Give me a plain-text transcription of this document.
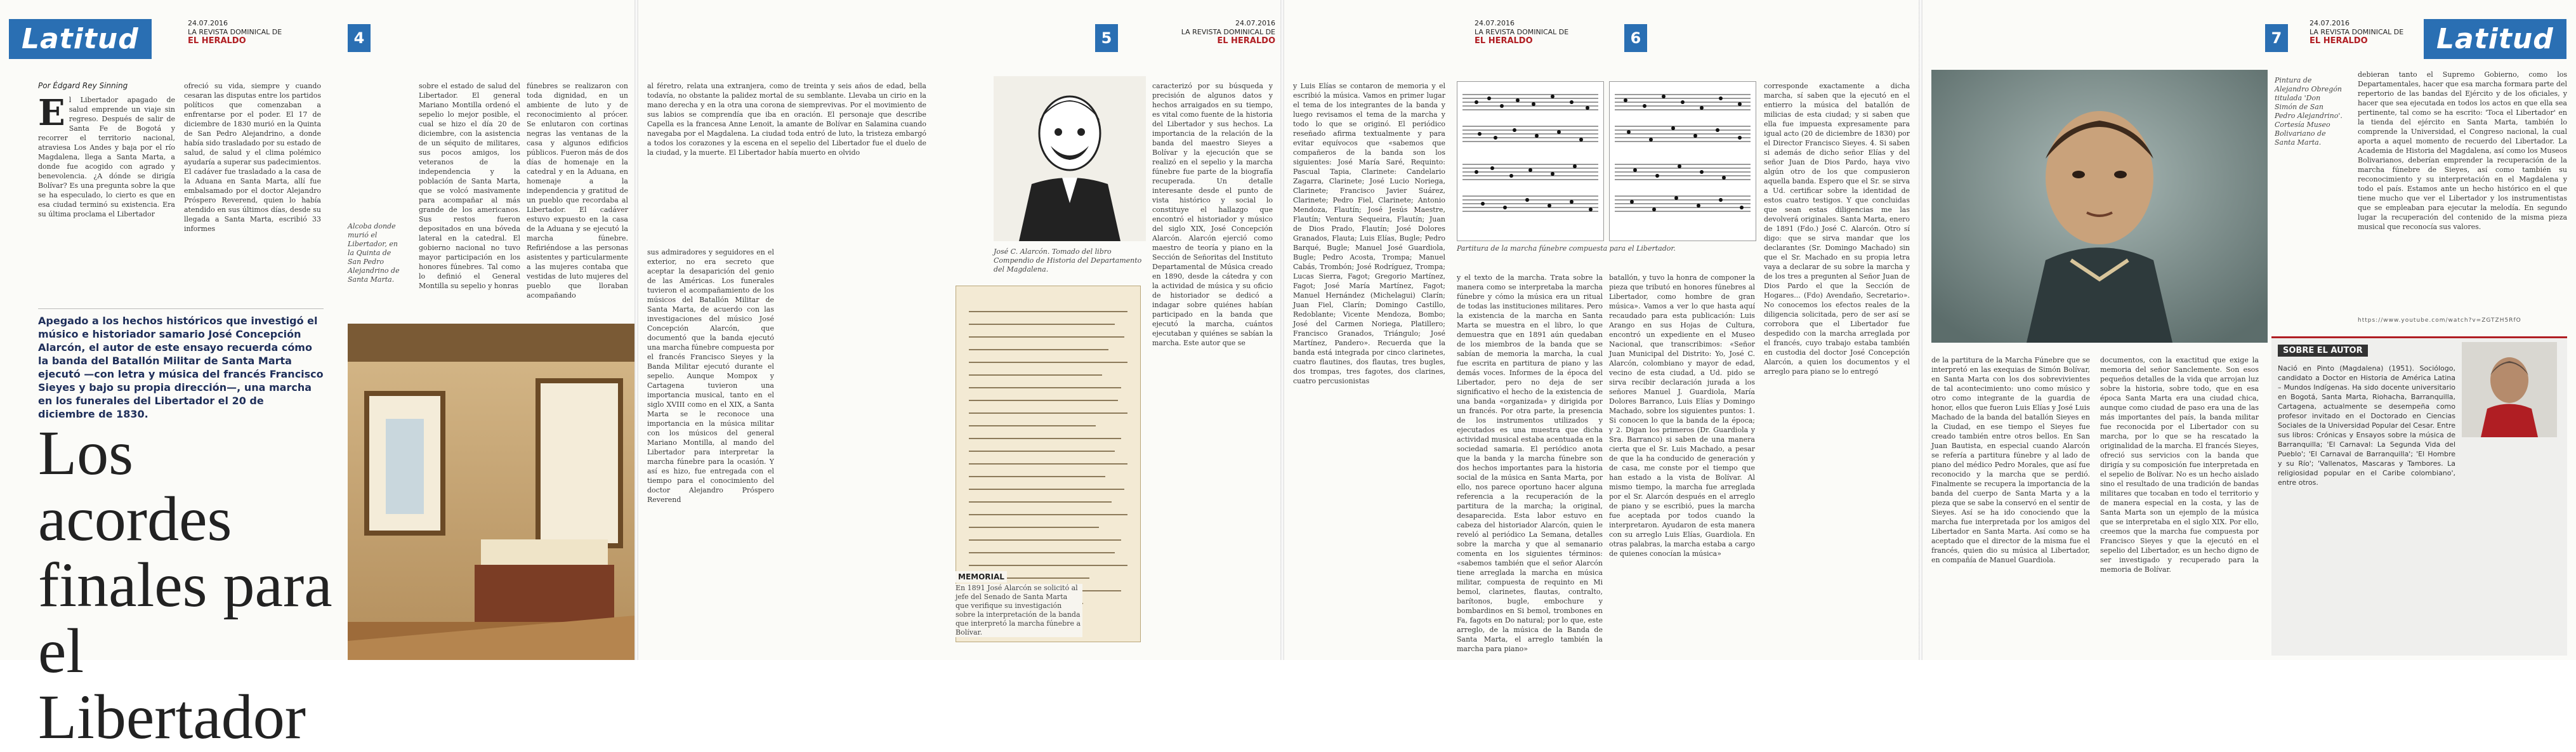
Latitud	24.07.2016
LA REVISTA DOMINICAL DE
EL HERALDO	4
Por Édgard Rey Sinning
El Libertador apagado de salud emprende un viaje sin regreso. Después de salir de Santa Fe de Bogotá y recorrer el territorio nacional, atraviesa Los Andes y baja por el río Magdalena, llega a Santa Marta, a donde fue acogido con agrado y benevolencia. ¿A dónde se dirigía Bolívar? Es una pregunta sobre la que se ha especulado, lo cierto es que en esa ciudad terminó su existencia. Era su última proclama el Libertador
ofreció su vida, siempre y cuando cesaran las disputas entre los partidos políticos que comenzaban a enfrentarse por el poder. El 17 de diciembre de 1830 murió en la Quinta de San Pedro Alejandrino, a donde había sido trasladado por su estado de salud, de salud y el clima polémico ayudaría a superar sus padecimientos. El cadáver fue trasladado a la casa de la Aduana en Santa Marta, allí fue embalsamado por el doctor Alejandro Próspero Reverend, quien lo había atendido en sus últimos días, desde su llegada a Santa Marta, escribió 33 informes	Alcoba donde murió el Libertador, en la Quinta de San Pedro Alejandrino de Santa Marta.
sobre el estado de salud del Libertador. El general Mariano Montilla ordenó el sepelio lo mejor posible, el cual se hizo el día 20 de diciembre, con la asistencia de un séquito de militares, sus pocos amigos, los veteranos de la independencia y la población de Santa Marta, que se volcó masivamente para acompañar al más grande de los americanos. Sus restos fueron depositados en una bóveda lateral en la catedral. El gobierno nacional no tuvo mayor participación en los honores fúnebres. Tal como lo definió el General Montilla su sepelio y honras
fúnebres se realizaron con toda dignidad, en un ambiente de luto y de reconocimiento al prócer. Se enlutaron con cortinas negras las ventanas de la casa y algunos edificios públicos. Fueron más de dos días de homenaje en la catedral y en la Aduana, en homenaje a la independencia y gratitud de un pueblo que recordaba al Libertador. El cadáver estuvo expuesto en la casa de la Aduana y se ejecutó la marcha fúnebre. Refiriéndose a las personas asistentes y particularmente a las mujeres contaba que vestidas de luto mujeres del pueblo que lloraban acompañando
Apegado a los hechos históricos que investigó el músico e historiador samario José Concepción Alarcón, el autor de este ensayo recuerda cómo la banda del Batallón Militar de Santa Marta ejecutó —con letra y música del francés Francisco Sieyes y bajo su propia dirección—, una marcha en los funerales del Libertador el 20 de diciembre de 1830.
Los acordes finales para el Libertador
5
24.07.2016
LA REVISTA DOMINICAL DE
EL HERALDO
al féretro, relata una extranjera, como de treinta y seis años de edad, bella todavía, no obstante la palidez mortal de su semblante. Llevaba un cirio en la mano derecha y en la otra una corona de siemprevivas. Por el movimiento de sus labios se comprendía que iba en oración. El personaje que describe Capella es la francesa Anne Lenoit, la amante de Bolívar en Salamina cuando navegaba por el Magdalena. La ciudad toda entró de luto, la tristeza embargó a todos los corazones y la escena en el sepelio del Libertador fue el duelo de la ciudad, y la muerte. El Libertador había muerto en olvido
sus admiradores y seguidores en el exterior, no era secreto que aceptar la desaparición del genio de las Américas. Los funerales tuvieron el acompañamiento de los músicos del Batallón Militar de Santa Marta, de acuerdo con las investigaciones del músico José Concepción Alarcón, que documentó que la banda ejecutó una marcha fúnebre compuesta por el francés Francisco Sieyes y la Banda Militar ejecutó durante el sepelio. Aunque Mompox y Cartagena tuvieron una importancia musical, tanto en el siglo XVIII como en el XIX, a Santa Marta se le reconoce una importancia en la música militar con los músicos del general Mariano Montilla, al mando del Libertador para interpretar la marcha fúnebre para la ocasión. Y así es hizo, fue entregada con el tiempo para el conocimiento del doctor Alejandro Próspero Reverend
José C. Alarcón. Tomado del libro Compendio de Historia del Departamento del Magdalena.
MEMORIAL
En 1891 José Alarcón se solicitó al jefe del Senado de Santa Marta que verifique su investigación sobre la interpretación de la banda que interpretó la marcha fúnebre a Bolívar.
caracterizó por su búsqueda y precisión de algunos datos y hechos arraigados en su tiempo, es vital como fuente de la historia del Libertador y sus hechos. La importancia de la relación de la banda del maestro Sieyes a Bolívar y la ejecución que se realizó en el sepelio y la marcha fúnebre fue parte de la biografía recuperada. Un detalle interesante desde el punto de vista histórico y social lo constituye el hallazgo que encontró el historiador y músico del siglo XIX, José Concepción Alarcón. Alarcón ejerció como maestro de teoría y piano en la Sección de Señoritas del Instituto Departamental de Música creado en 1890, desde la cátedra y con la actividad de música y su oficio de historiador se dedicó a indagar sobre quiénes habían participado en la banda que ejecutó la marcha, cuántos ejecutaban y quiénes se sabían la marcha. Este autor que se
24.07.2016
LA REVISTA DOMINICAL DE
EL HERALDO	6
y Luis Elías se contaron de memoria y el escribió la música. Vamos en primer lugar el tema de los integrantes de la banda y luego revisamos el tema de la marcha y todo lo que se originó. El periódico reseñado afirma textualmente y para evitar equívocos que «sabemos que compañeros de la banda son los siguientes: José María Saré, Requinto: Pascual Tapia, Clarinete: Candelario Zagarra, Clarinete; José Lucio Noriega, Clarinete; Francisco Javier Suárez, Clarinete; Pedro Fiel, Clarinete; Antonio Mendoza, Flautín; José Jesús Maestre, Flautín; Ventura Sequeira, Flautín; Juan de Dios Prado, Flautín; José Dolores Granados, Flauta; Luis Elías, Bugle; Pedro Barqué, Bugle; Manuel José Guardiola, Bugle; Pedro Acosta, Trompa; Manuel Cabás, Trombón; José Rodríguez, Trompa; Lucas Sierra, Fagot; Gregorio Martínez, Fagot; José María Martínez, Fagot; Manuel Hernández (Michelagui) Clarín; Juan Fiel, Clarín; Domingo Castillo, Redoblante; Vicente Mendoza, Bombo; José del Carmen Noriega, Platillero; Francisco Granados, Triángulo; José Martínez, Pandero». Recuerda que la banda está integrada por cinco clarinetes, cuatro flautines, dos flautas, tres bugles, dos trompas, tres fagotes, dos clarines, cuatro percusionistas
Partitura de la marcha fúnebre compuesta para el Libertador.
y el texto de la marcha. Trata sobre la manera como se interpretaba la marcha fúnebre y cómo la música era un ritual de todas las instituciones militares. Pero la existencia de la marcha en Santa Marta se muestra en el libro, lo que demuestra que en 1891 aún quedaban de los miembros de la banda que se sabían de memoria la marcha, la cual fue escrita en partitura de piano y las demás voces. Informes de la época del Libertador, pero no deja de ser significativo el hecho de la existencia de una banda «organizada» y dirigida por un francés. Por otra parte, la presencia de los instrumentos utilizados y ejecutados es una muestra que dicha actividad musical estaba acentuada en la sociedad samaria. El periódico anota que la banda y la marcha fúnebre son dos hechos importantes para la historia social de la música en Santa Marta, por ello, nos parece oportuno hacer alguna referencia a la recuperación de la partitura de la marcha; la original, desaparecida. Esta labor estuvo en cabeza del historiador Alarcón, quien le reveló al periódico La Semana, detalles sobre la marcha y que al semanario comenta en los siguientes términos: «sabemos también que el señor Alarcón tiene arreglada la marcha en música militar, compuesta de requinto en Mi bemol, clarinetes, flautas, contralto, barítonos, bugle, embochure y bombardinos en Si bemol, trombones en Fa, fagots en Do natural; por lo que, este arreglo, de la música de la Banda de Santa Marta, el arreglo también la marcha para piano»
batallón, y tuvo la honra de componer la pieza que tributó en honores fúnebres al Libertador, como hombre de gran música». Vamos a ver lo que hasta aquí recaudado para esta publicación: Luis Arango en sus Hojas de Cultura, encontró un expediente en el Museo Nacional, que transcribimos: «Señor Juan Municipal del Distrito: Yo, José C. Alarcón, colombiano y mayor de edad, vecino de esta ciudad, a Ud. pido se sirva recibir declaración jurada a los señores Manuel J. Guardiola, María Dolores Barranco, Luis Elías y Domingo Machado, sobre los siguientes puntos: 1. Si conocen lo que la banda de la época; y 2. Digan los primeros (Dr. Guardiola y Sra. Barranco) si saben de una manera cierta que el Sr. Luis Machado, a pesar de que la ha conducido de generación y de casa, me conste por el tiempo que han estado a la vista de Bolívar. Al mismo tiempo, la marcha fue arreglada por el Sr. Alarcón después en el arreglo de piano y se escribió, pues la marcha fue aceptada por todos cuando la interpretaron. Ayudaron de esta manera con su arreglo Luis Elías, Guardiola. En otras palabras, la marcha estaba a cargo de quienes conocían la música»
corresponde exactamente a dicha marcha, sí saben que la ejecutó en el entierro la música del batallón de milicias de esta ciudad; y si saben que ella fue impuesta expresamente para igual acto (20 de diciembre de 1830) por el Director Francisco Sieyes. 4. Si saben si además de dicho señor Elías y del señor Juan de Dios Pardo, haya vivo algún otro de los que compusieron aquella banda. Espero que el Sr. se sirva a Ud. certificar sobre la identidad de estos cuatro testigos. Y que concluidas que sean estas diligencias me las devolverá originales. Santa Marta, enero de 1891 (Fdo.) José C. Alarcón. Otro sí digo: que se sirva mandar que los declarantes (Sr. Domingo Machado) sin que el Sr. Machado en su propia letra vaya a declarar de su sobre la marcha y de los tres a pregunten al Señor Juan de Dios Pardo el que la Sección de Hogares... (Fdo) Avendaño, Secretario». No conocemos los efectos reales de la diligencia solicitada, pero de ser así se corrobora que el Libertador fue despedido con la marcha arreglada por el francés, cuyo trabajo estaba también en custodia del doctor José Concepción Alarcón, a quien los documentos y el arreglo para piano se lo entregó
7
24.07.2016
LA REVISTA DOMINICAL DE
EL HERALDO	Latitud
Pintura de Alejandro Obregón titulada 'Don Simón de San Pedro Alejandrino'. Cortesía Museo Bolivariano de Santa Marta.
debieran tanto el Supremo Gobierno, como los Departamentales, hacer que esa marcha formara parte del repertorio de las bandas del Ejército y de los oficiales, y hacer que sea ejecutada en todos los actos en que ella sea pertinente, tal como se ha escrito: 'Toca el Libertador' en la tienda del ejército en Santa Marta, también lo comprende la Universidad, el Congreso nacional, la cual aporta a aquel momento de recuerdo del Libertador. La Academia de Historia del Magdalena, así como los Museos Bolivarianos, deberían emprender la recuperación de la marcha fúnebre de Sieyes, así como también su reconocimiento y su interpretación en el Magdalena y todo el país. Estamos ante un hecho histórico en el que tiene mucho que ver el Libertador y los instrumentistas que se empleaban para ejecutar la melodía. En segundo lugar la recuperación del contenido de la misma pieza musical que reconocía sus valores.
de la partitura de la Marcha Fúnebre que se interpretó en las exequias de Simón Bolívar, en Santa Marta con los dos sobrevivientes de tal acontecimiento: uno como músico y otro como integrante de la guardia de honor, ellos que fueron Luis Elías y José Luis Machado de la banda del batallón Sieyes en la Ciudad, en ese tiempo el Sieyes fue creado también entre otros bellos. En San Juan Bautista, en especial cuando Alarcón se refería a partitura fúnebre y al lado de piano del médico Pedro Morales, que así fue reconocido y la marcha que se perdió. Finalmente se recupera la importancia de la banda del cuerpo de Santa Marta y a la pieza que se sabe la conservó en el sentir de Sieyes. Así se ha ido conociendo que la marcha fue interpretada por los amigos del Libertador en Santa Marta. Así como se ha aceptado que el director de la misma fue el francés, quien dio su música al Libertador, en compañía de Manuel Guardiola.
documentos, con la exactitud que exige la memoria del señor Sanclemente. Son esos pequeños detalles de la vida que arrojan luz sobre la historia, sobre todo, que en esa época Santa Marta era una ciudad chica, aunque como ciudad de paso era una de las más importantes del país, la banda militar fue reconocida por el Libertador con su marcha, por lo que se ha rescatado la originalidad de la marcha. El francés Sieyes, ofreció sus servicios con la banda que dirigía y su composición fue interpretada en el sepelio de Bolívar. No es un hecho aislado sino el resultado de una tradición de bandas militares que tocaban en todo el territorio y de manera especial en la costa, y las de Santa Marta son un ejemplo de la música que se interpretaba en el siglo XIX. Por ello, creemos que la marcha fue compuesta por Francisco Sieyes y que la ejecutó en el sepelio del Libertador, es un hecho digno de ser investigado y recuperado para la memoria de Bolívar.
https://www.youtube.com/watch?v=ZGTZH5RfO
SOBRE EL AUTOR
Nació en Pinto (Magdalena) (1951). Sociólogo, candidato a Doctor en Historia de América Latina – Mundos Indígenas. Ha sido docente universitario en Bogotá, Santa Marta, Riohacha, Barranquilla, Cartagena, actualmente se desempeña como profesor invitado en el Doctorado en Ciencias Sociales de la Universidad Popular del Cesar. Entre sus libros: Crónicas y Ensayos sobre la música de Barranquilla; 'El Carnaval: La Segunda Vida del Pueblo'; 'El Carnaval de Barranquilla'; 'El Hombre y su Río'; 'Vallenatos, Mascaras y Tambores. La religiosidad popular en el Caribe colombiano', entre otros.
